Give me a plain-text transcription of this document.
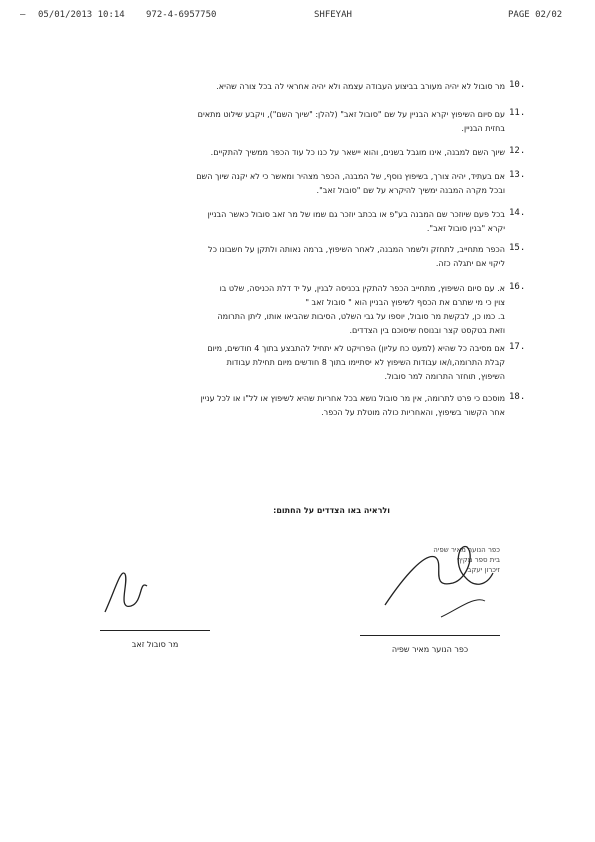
— 05/01/2013 10:14 972-4-6957750	SHFEYAH	PAGE 02/02
10.
מר סובול לא יהיה מעורב בביצוע העבודה עצמה ולא יהיה אחראי לה בכל צורה שהיא.
11.
עם סיום השיפוץ יקרא הבניין על שם "סובול זאב" (להלן: "שיוך השם"), ויקבע שילוט מתאים
בחזית הבניין.
12.
שיוך השם למבנה, אינו מוגבל בשנים, והוא יישאר על כנו כל עוד הכפר ממשיך להתקיים.
13.
אם בעתיד, יהיה צורך, בשיפוץ נוסף, של המבנה, הכפר מצהיר ומאשר כי לא יקנה שיוך השם
ובכל מקרה המבנה ימשיך להיקרא על שם "סובול זאב".
14.
בכל פעם שיוזכר שם המבנה בע"פ או בכתב יוזכר גם שמו של מר זאב סובול כאשר הבניין
יקרא "בנין סובול זאב".
15.
הכפר מתחייב, לתחזק ולשמר המבנה, לאחר השיפוץ, ברמה נאותה ולתקן על חשבונו כל
ליקוי אם יתגלה כזה.
16.
א. עם סיום השיפוץ, מתחייב הכפר להתקין בכניסה לבנין, על יד דלת הכניסה, שלט בו
צוין כי מי שתרם את הכסף לשיפוץ הבניין הוא " סובול זאב "
ב. כמו כן, לבקשת מר סובול, יוספו על גבי השלט, הסיבות שהביאו אותו, ליתן התרומה
וזאת בטקסט קצר ובנוסח שיסוכם בין הצדדים.
17.
אם מסיבה כל שהיא (למעט כח עליון) הפרויקט לא יתחיל להתבצע בתוך 4 חודשים, מיום
קבלת התרומה,ו/או עבודות השיפוץ לא יסתיימו בתוך 8 חודשים מיום תחילת עבודות
השיפוץ, תוחזר התרומה למר סובול.
18.
מוסכם כי פרט לתרומה, אין מר סובול נושא בכל אחריות שהיא לשיפוץ או לל"ו או לכל עניין
אחר הקשור בשיפוץ, והאחריות כולה מוטלת על הכפר.
ולראיה באו הצדדים על החתום:
מר סובול זאב
כפר הנוער מאיר שפיה
בית ספר מקיף
זיכרון יעקב
כפר הנוער מאיר שפיה
